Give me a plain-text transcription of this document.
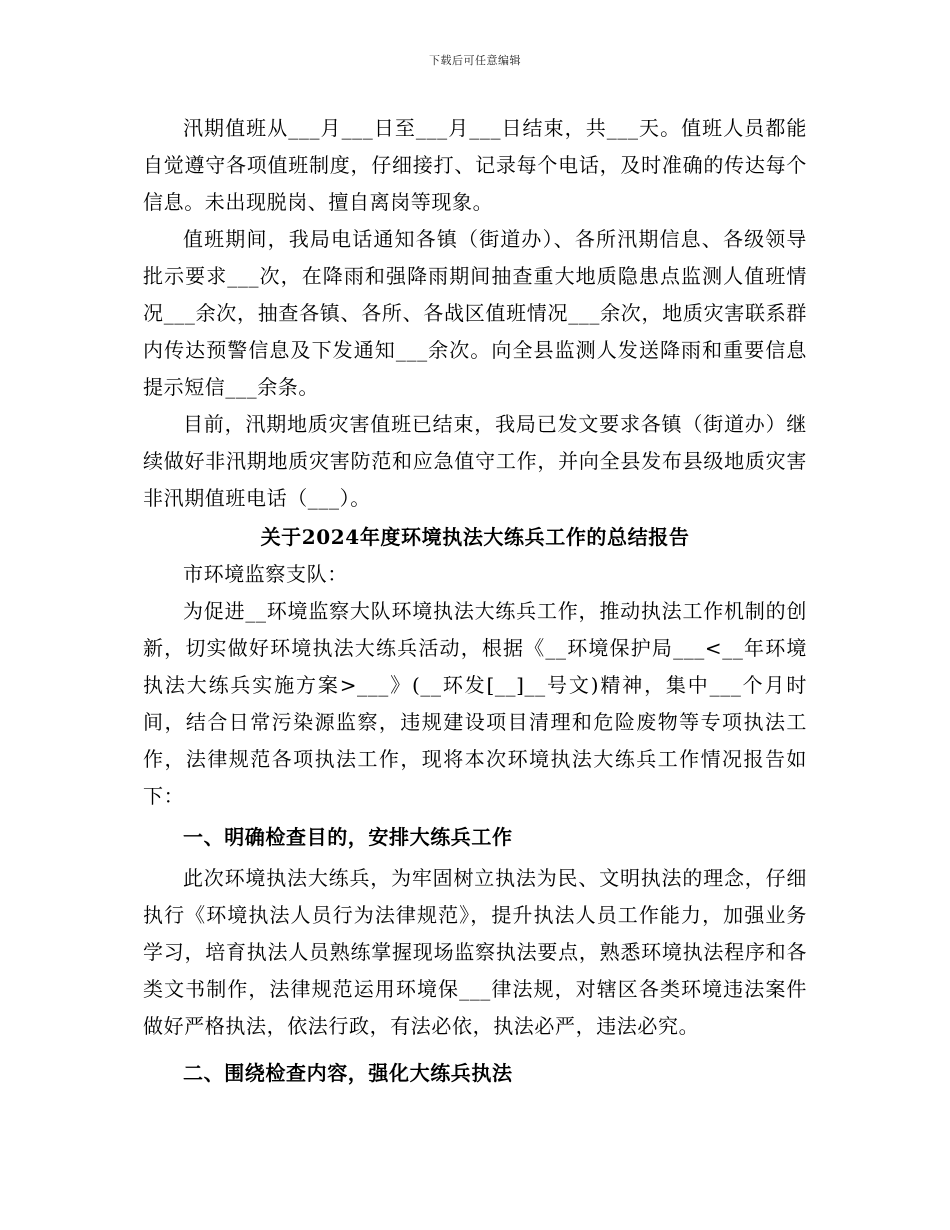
下载后可任意编辑

汛期值班从___月___日至___月___日结束，共___天。值班人员都能自觉遵守各项值班制度，仔细接打、记录每个电话，及时准确的传达每个信息。未出现脱岗、擅自离岗等现象。

值班期间，我局电话通知各镇（街道办）、各所汛期信息、各级领导批示要求___次，在降雨和强降雨期间抽查重大地质隐患点监测人值班情况___余次，抽查各镇、各所、各战区值班情况___余次，地质灾害联系群内传达预警信息及下发通知___余次。向全县监测人发送降雨和重要信息提示短信___余条。

目前，汛期地质灾害值班已结束，我局已发文要求各镇（街道办）继续做好非汛期地质灾害防范和应急值守工作，并向全县发布县级地质灾害非汛期值班电话（___）。

关于2024年度环境执法大练兵工作的总结报告

市环境监察支队：

为促进__环境监察大队环境执法大练兵工作，推动执法工作机制的创新，切实做好环境执法大练兵活动，根据《__环境保护局___<__年环境执法大练兵实施方案>___》(__环发[__]__号文)精神，集中___个月时间，结合日常污染源监察，违规建设项目清理和危险废物等专项执法工作，法律规范各项执法工作，现将本次环境执法大练兵工作情况报告如下：

一、明确检查目的，安排大练兵工作

此次环境执法大练兵，为牢固树立执法为民、文明执法的理念，仔细执行《环境执法人员行为法律规范》，提升执法人员工作能力，加强业务学习，培育执法人员熟练掌握现场监察执法要点，熟悉环境执法程序和各类文书制作，法律规范运用环境保___律法规，对辖区各类环境违法案件做好严格执法，依法行政，有法必依，执法必严，违法必究。

二、围绕检查内容，强化大练兵执法
